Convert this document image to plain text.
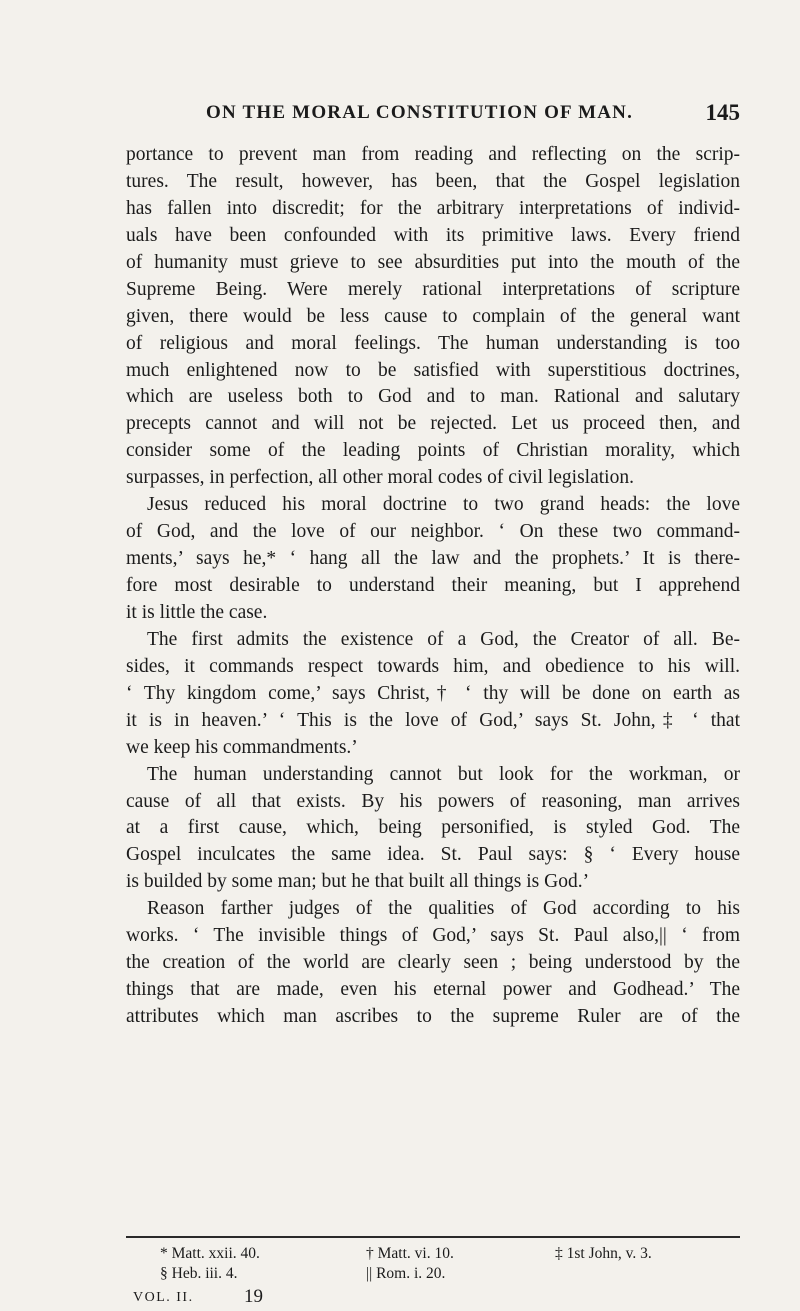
ON THE MORAL CONSTITUTION OF MAN.	145
portance to prevent man from reading and reflecting on the scrip-
tures. The result, however, has been, that the Gospel legislation
has fallen into discredit; for the arbitrary interpretations of individ-
uals have been confounded with its primitive laws. Every friend
of humanity must grieve to see absurdities put into the mouth of the
Supreme Being. Were merely rational interpretations of scripture
given, there would be less cause to complain of the general want
of religious and moral feelings. The human understanding is too
much enlightened now to be satisfied with superstitious doctrines,
which are useless both to God and to man. Rational and salutary
precepts cannot and will not be rejected. Let us proceed then, and
consider some of the leading points of Christian morality, which
surpasses, in perfection, all other moral codes of civil legislation.
Jesus reduced his moral doctrine to two grand heads: the love
of God, and the love of our neighbor. ‘ On these two command-
ments,’ says he,* ‘ hang all the law and the prophets.’ It is there-
fore most desirable to understand their meaning, but I apprehend
it is little the case.
The first admits the existence of a God, the Creator of all. Be-
sides, it commands respect towards him, and obedience to his will.
‘ Thy kingdom come,’ says Christ,† ‘ thy will be done on earth as
it is in heaven.’ ‘ This is the love of God,’ says St. John,‡ ‘ that
we keep his commandments.’
The human understanding cannot but look for the workman, or
cause of all that exists. By his powers of reasoning, man arrives
at a first cause, which, being personified, is styled God. The
Gospel inculcates the same idea. St. Paul says: § ‘ Every house
is builded by some man; but he that built all things is God.’
Reason farther judges of the qualities of God according to his
works. ‘ The invisible things of God,’ says St. Paul also,|| ‘ from
the creation of the world are clearly seen ; being understood by the
things that are made, even his eternal power and Godhead.’ The
attributes which man ascribes to the supreme Ruler are of the
* Matt. xxii. 40.	† Matt. vi. 10.	‡ 1st John, v. 3.
§ Heb. iii. 4.	|| Rom. i. 20.
VOL. II.	19
